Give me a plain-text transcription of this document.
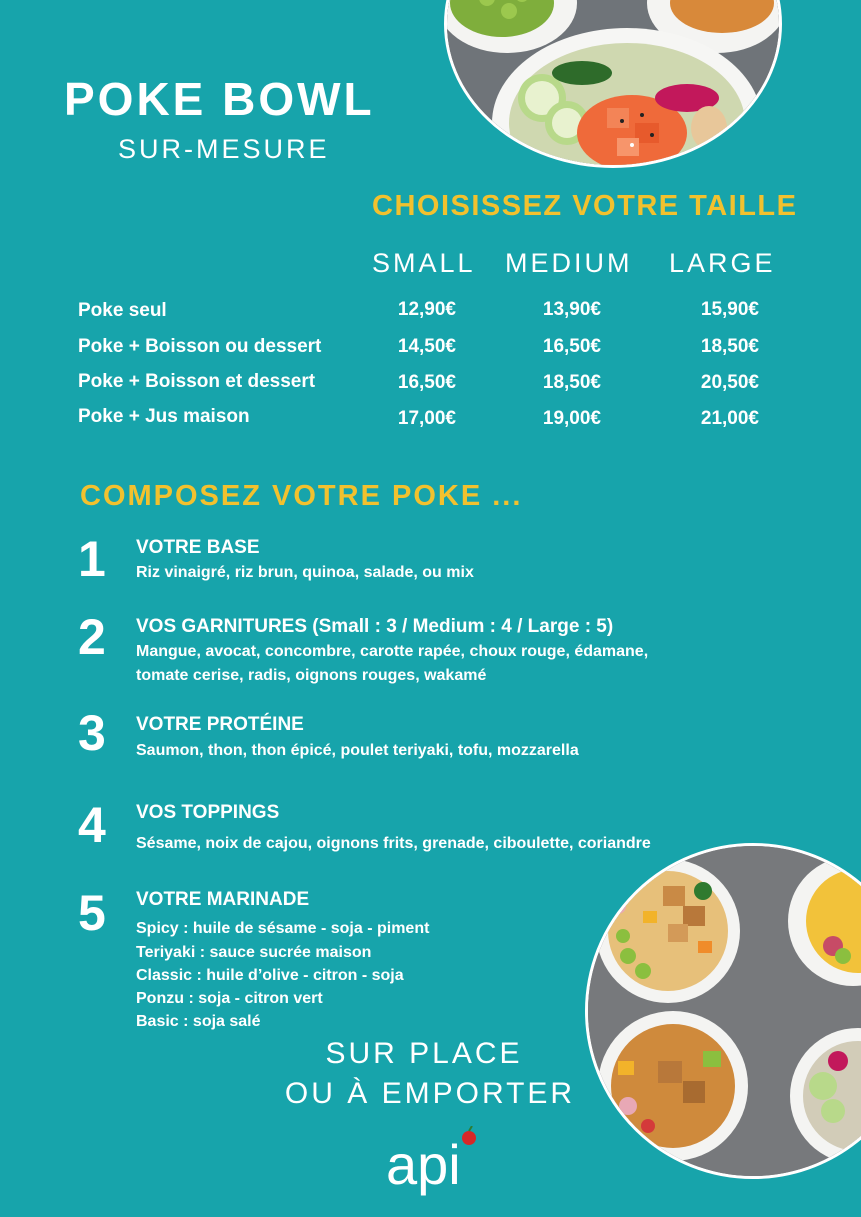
POKE BOWL
SUR-MESURE
CHOISISSEZ VOTRE TAILLE
SMALL MEDIUM LARGE
Poke seul	12,90€	13,90€	15,90€
Poke + Boisson ou dessert	14,50€	16,50€	18,50€
Poke + Boisson et dessert	16,50€	18,50€	20,50€
Poke + Jus maison	17,00€	19,00€	21,00€
COMPOSEZ VOTRE POKE ...
1 VOTRE BASE
Riz vinaigré, riz brun, quinoa, salade, ou mix
2 VOS GARNITURES (Small : 3 / Medium : 4 / Large : 5)
Mangue, avocat, concombre, carotte rapée, choux rouge, édamane,
tomate cerise, radis, oignons rouges, wakamé
3 VOTRE PROTÉINE
Saumon, thon, thon épicé, poulet teriyaki, tofu, mozzarella
4 VOS TOPPINGS
Sésame, noix de cajou, oignons frits, grenade, ciboulette, coriandre
5 VOTRE MARINADE
Spicy : huile de sésame - soja - piment
Teriyaki : sauce sucrée maison
Classic : huile d’olive - citron - soja
Ponzu : soja - citron vert
Basic : soja salé
SUR PLACE
OU À EMPORTER
api
